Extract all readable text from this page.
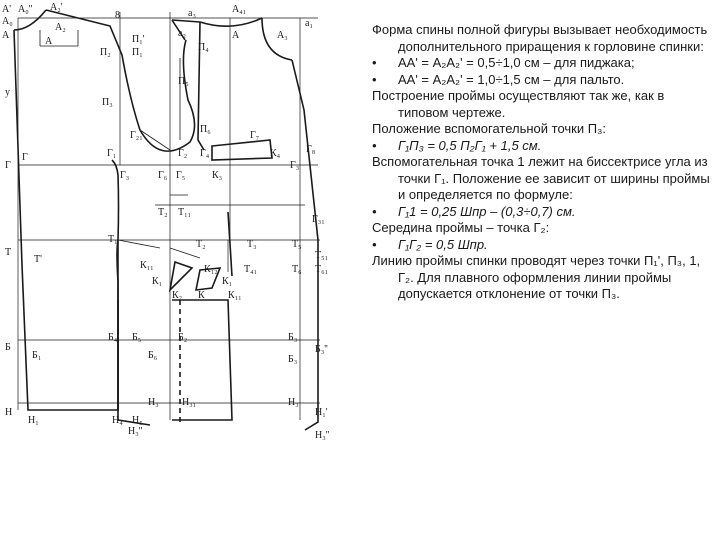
А' А₀'' А₂'
А₀
А
А
А₂
8
П₁'
П₁
П₂
П₃
а₃
а₂
А₄₁
а₁
А	А₃
П₄
П₅
П₆
у
Г₂₁
Г₂ Г₄
Г₇
Г₈
К₄
Г
Г	Г₁
Г₃	Г₆ Г₅	К₃
Г₃
Т₂ Т₁₁
Г₃₁
Т₁	Т₂	Т₃	Т₅
Т₅₁
Т
Т'
К₁₁	К₁₂	Т₄₁	Т₆ Т₆₁
К₁	К₁
К₂ К К₁₁
Б
Б₁
Б₄ Б₅
Б₆
Б₂	Б₃
Б₃
Б₃''
Н
Н₁	Н₄ Н₅
Н₃ Н₃₁
Н₃''
Н₃
Н₁'
Н₃''

Форма спины полной фигуры вызывает необходимость дополнительного приращения к горловине спинки:

• АА' = А₂А₂' = 0,5÷1,0 см – для пиджака;

• АА' = А₂А₂' = 1,0÷1,5 см – для пальто.

Построение проймы осуществляют так же, как в типовом чертеже.

Положение вспомогательной точки П₃:

• Г₁П₃ = 0,5 П₂Г₁ + 1,5 см.

Вспомогательная точка 1 лежит на биссектрисе угла из точки Г₁. Положение ее зависит от ширины проймы и определяется по формуле:

• Г₁1 = 0,25 Шпр – (0,3÷0,7) см.

Середина проймы – точка Г₂:

• Г₁Г₂ = 0,5 Шпр.

Линию проймы спинки проводят через точки П₁', П₃, 1, Г₂. Для плавного оформления линии проймы допускается отклонение от точки П₃.
